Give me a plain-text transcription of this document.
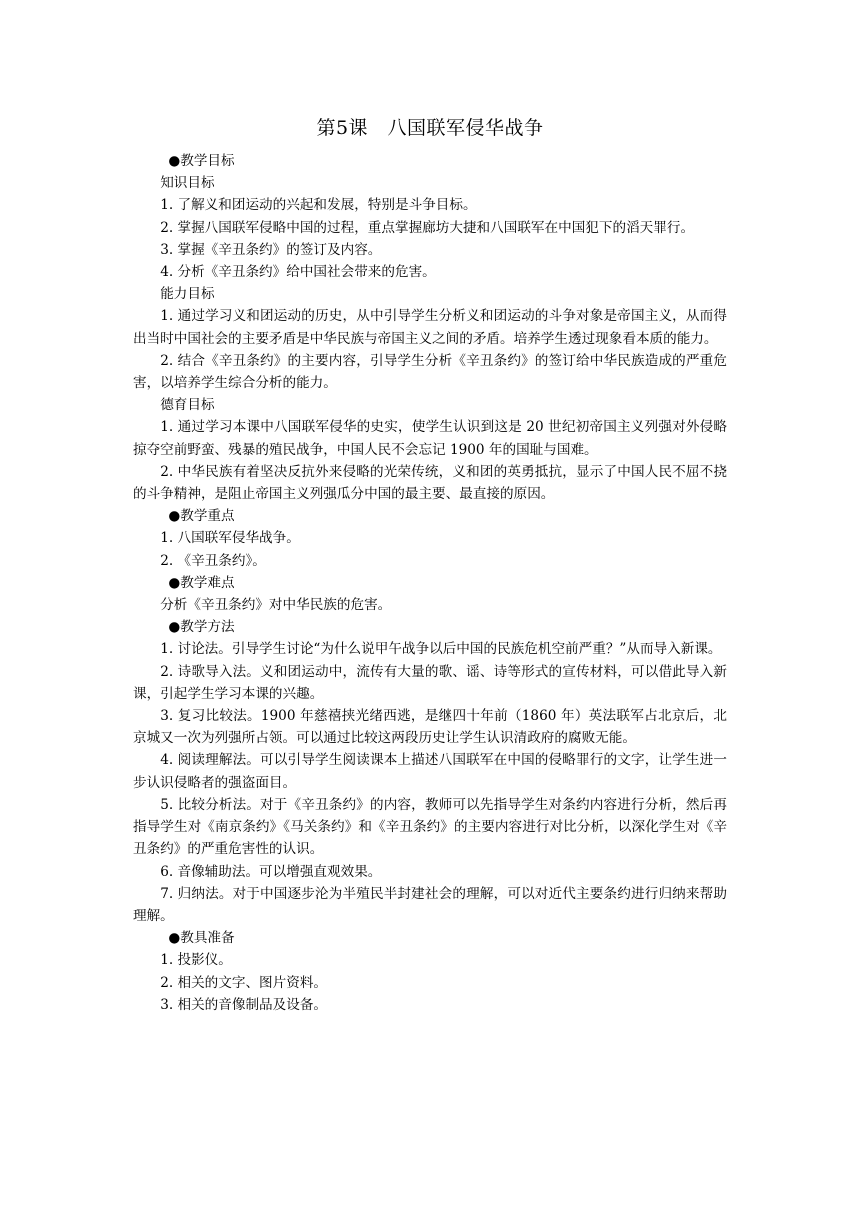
第5课　八国联军侵华战争

●教学目标

知识目标

1. 了解义和团运动的兴起和发展，特别是斗争目标。

2. 掌握八国联军侵略中国的过程，重点掌握廊坊大捷和八国联军在中国犯下的滔天罪行。

3. 掌握《辛丑条约》的签订及内容。

4. 分析《辛丑条约》给中国社会带来的危害。

能力目标

1. 通过学习义和团运动的历史，从中引导学生分析义和团运动的斗争对象是帝国主义，从而得出当时中国社会的主要矛盾是中华民族与帝国主义之间的矛盾。培养学生透过现象看本质的能力。

2. 结合《辛丑条约》的主要内容，引导学生分析《辛丑条约》的签订给中华民族造成的严重危害，以培养学生综合分析的能力。

德育目标

1. 通过学习本课中八国联军侵华的史实，使学生认识到这是 20 世纪初帝国主义列强对外侵略掠夺空前野蛮、残暴的殖民战争，中国人民不会忘记 1900 年的国耻与国难。

2. 中华民族有着坚决反抗外来侵略的光荣传统，义和团的英勇抵抗，显示了中国人民不屈不挠的斗争精神，是阻止帝国主义列强瓜分中国的最主要、最直接的原因。

●教学重点

1. 八国联军侵华战争。

2. 《辛丑条约》。

●教学难点

分析《辛丑条约》对中华民族的危害。

●教学方法

1. 讨论法。引导学生讨论“为什么说甲午战争以后中国的民族危机空前严重？”从而导入新课。

2. 诗歌导入法。义和团运动中，流传有大量的歌、谣、诗等形式的宣传材料，可以借此导入新课，引起学生学习本课的兴趣。

3. 复习比较法。1900 年慈禧挟光绪西逃，是继四十年前（1860 年）英法联军占北京后，北京城又一次为列强所占领。可以通过比较这两段历史让学生认识清政府的腐败无能。

4. 阅读理解法。可以引导学生阅读课本上描述八国联军在中国的侵略罪行的文字，让学生进一步认识侵略者的强盗面目。

5. 比较分析法。对于《辛丑条约》的内容，教师可以先指导学生对条约内容进行分析，然后再指导学生对《南京条约》《马关条约》和《辛丑条约》的主要内容进行对比分析，以深化学生对《辛丑条约》的严重危害性的认识。

6. 音像辅助法。可以增强直观效果。

7. 归纳法。对于中国逐步沦为半殖民半封建社会的理解，可以对近代主要条约进行归纳来帮助理解。

●教具准备

1. 投影仪。

2. 相关的文字、图片资料。

3. 相关的音像制品及设备。
